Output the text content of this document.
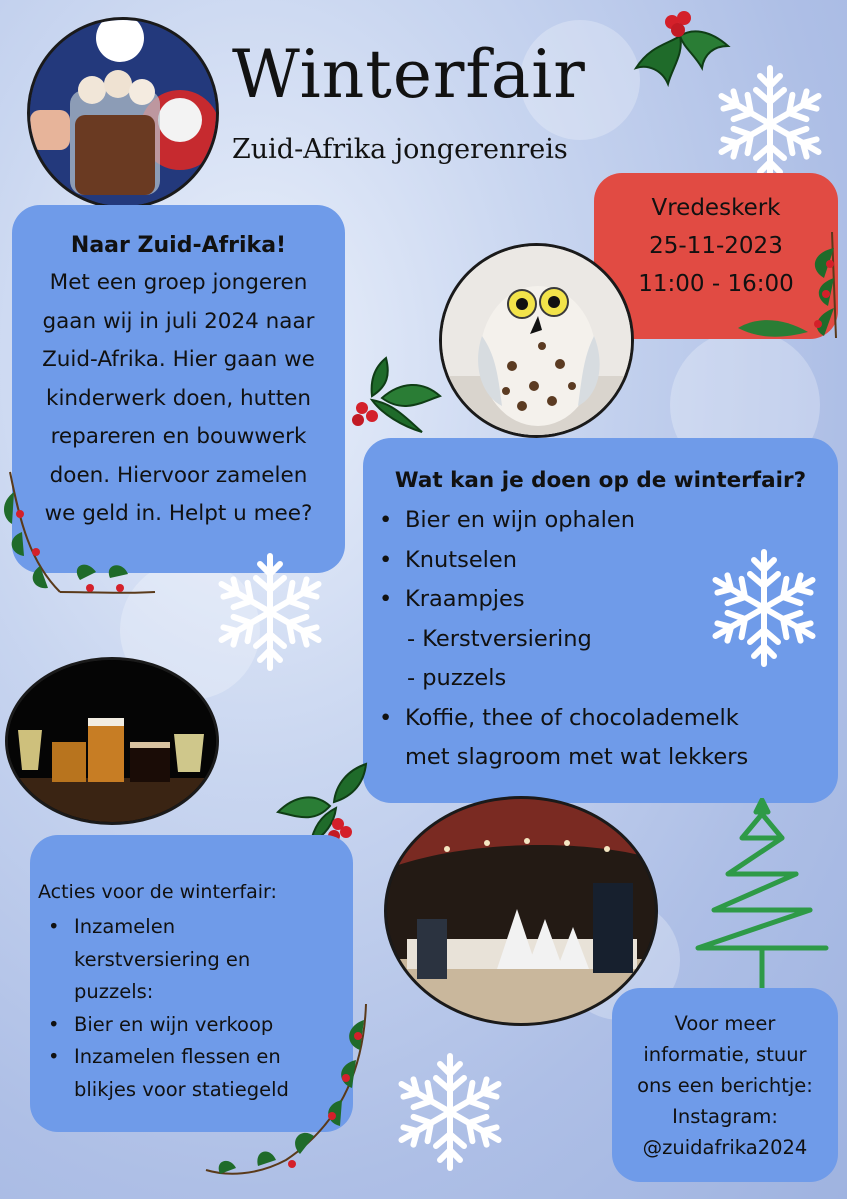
Winterfair
Zuid-Afrika jongerenreis
Vredeskerk
25-11-2023
11:00 - 16:00
Naar Zuid-Afrika!

Met een groep jongeren
gaan wij in juli 2024 naar
Zuid-Afrika. Hier gaan we
kinderwerk doen, hutten
repareren en bouwwerk
doen. Hiervoor zamelen
we geld in. Helpt u mee?

Wat kan je doen op de winterfair?
• Bier en wijn ophalen
• Knutselen
• Kraampjes
- Kerstversiering
- puzzels
• Koffie, thee of chocolademelk
met slagroom met wat lekkers
Acties voor de winterfair:
• Inzamelen
kerstversiering en
puzzels:
• Bier en wijn verkoop
• Inzamelen flessen en
blikjes voor statiegeld
Voor meer
informatie, stuur
ons een berichtje:
Instagram:
@zuidafrika2024
